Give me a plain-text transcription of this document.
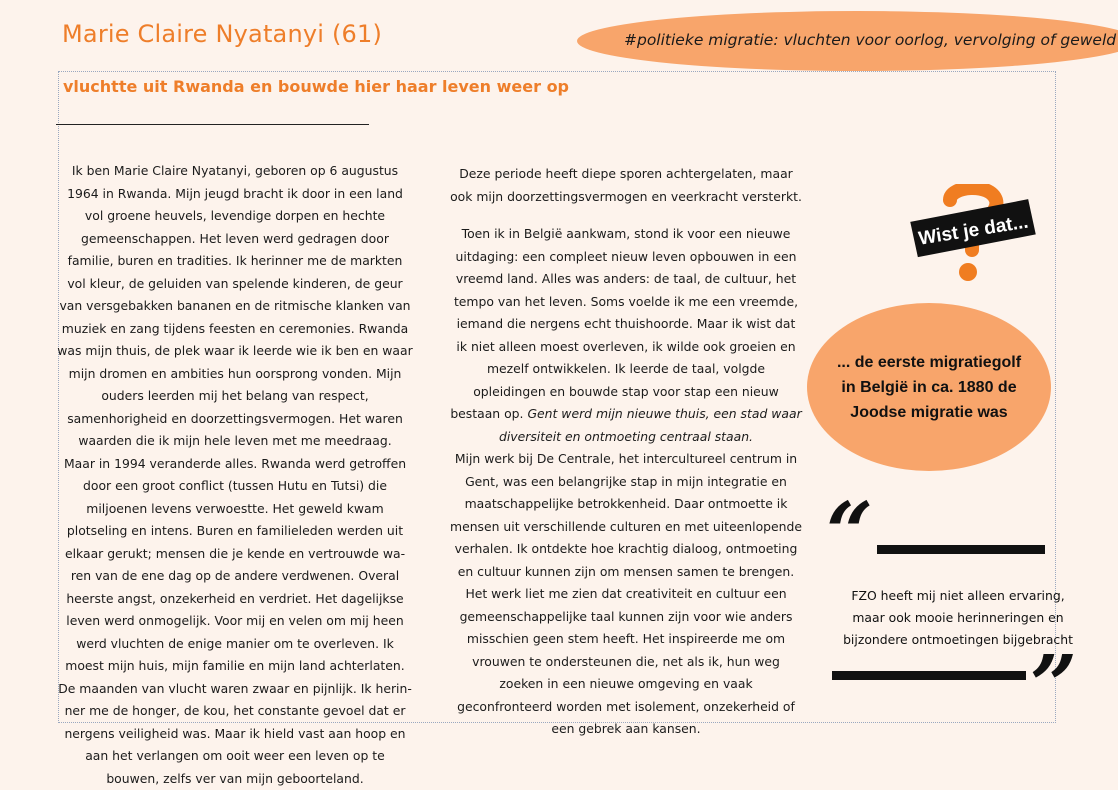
#politieke migratie: vluchten voor oorlog, vervolging of geweld
Marie Claire Nyatanyi (61)
vluchtte uit Rwanda en bouwde hier haar leven weer op

Ik ben Marie Claire Nyatanyi, geboren op 6 augustus

1964 in Rwanda. Mijn jeugd bracht ik door in een land

vol groene heuvels, levendige dorpen en hechte

gemeenschappen. Het leven werd gedragen door

familie, buren en tradities. Ik herinner me de markten

vol kleur, de geluiden van spelende kinderen, de geur

van versgebakken bananen en de ritmische klanken van

muziek en zang tijdens feesten en ceremonies. Rwanda

was mijn thuis, de plek waar ik leerde wie ik ben en waar

mijn dromen en ambities hun oorsprong vonden. Mijn

ouders leerden mij het belang van respect,

samenhorigheid en doorzettingsvermogen. Het waren

waarden die ik mijn hele leven met me meedraag.

Maar in 1994 veranderde alles. Rwanda werd getroffen

door een groot conflict (tussen Hutu en Tutsi) die

miljoenen levens verwoestte. Het geweld kwam

plotseling en intens. Buren en familieleden werden uit

elkaar gerukt; mensen die je kende en vertrouwde wa-

ren van de ene dag op de andere verdwenen. Overal

heerste angst, onzekerheid en verdriet. Het dagelijkse

leven werd onmogelijk. Voor mij en velen om mij heen

werd vluchten de enige manier om te overleven. Ik

moest mijn huis, mijn familie en mijn land achterlaten.

De maanden van vlucht waren zwaar en pijnlijk. Ik herin-

ner me de honger, de kou, het constante gevoel dat er

nergens veiligheid was. Maar ik hield vast aan hoop en

aan het verlangen om ooit weer een leven op te

bouwen, zelfs ver van mijn geboorteland.

Deze periode heeft diepe sporen achtergelaten, maar

ook mijn doorzettingsvermogen en veerkracht versterkt.

Toen ik in België aankwam, stond ik voor een nieuwe

uitdaging: een compleet nieuw leven opbouwen in een

vreemd land. Alles was anders: de taal, de cultuur, het

tempo van het leven. Soms voelde ik me een vreemde,

iemand die nergens echt thuishoorde. Maar ik wist dat

ik niet alleen moest overleven, ik wilde ook groeien en

mezelf ontwikkelen. Ik leerde de taal, volgde

opleidingen en bouwde stap voor stap een nieuw

bestaan op. Gent werd mijn nieuwe thuis, een stad waar

diversiteit en ontmoeting centraal staan.

Mijn werk bij De Centrale, het intercultureel centrum in

Gent, was een belangrijke stap in mijn integratie en

maatschappelijke betrokkenheid. Daar ontmoette ik

mensen uit verschillende culturen en met uiteenlopende

verhalen. Ik ontdekte hoe krachtig dialoog, ontmoeting

en cultuur kunnen zijn om mensen samen te brengen.

Het werk liet me zien dat creativiteit en cultuur een

gemeenschappelijke taal kunnen zijn voor wie anders

misschien geen stem heeft. Het inspireerde me om

vrouwen te ondersteunen die, net als ik, hun weg

zoeken in een nieuwe omgeving en vaak

geconfronteerd worden met isolement, onzekerheid of

een gebrek aan kansen.

Wist je dat...
... de eerste migratiegolf
in België in ca. 1880 de
Joodse migratie was
“
FZO heeft mij niet alleen ervaring,
maar ook mooie herinneringen en
bijzondere ontmoetingen bijgebracht
”
